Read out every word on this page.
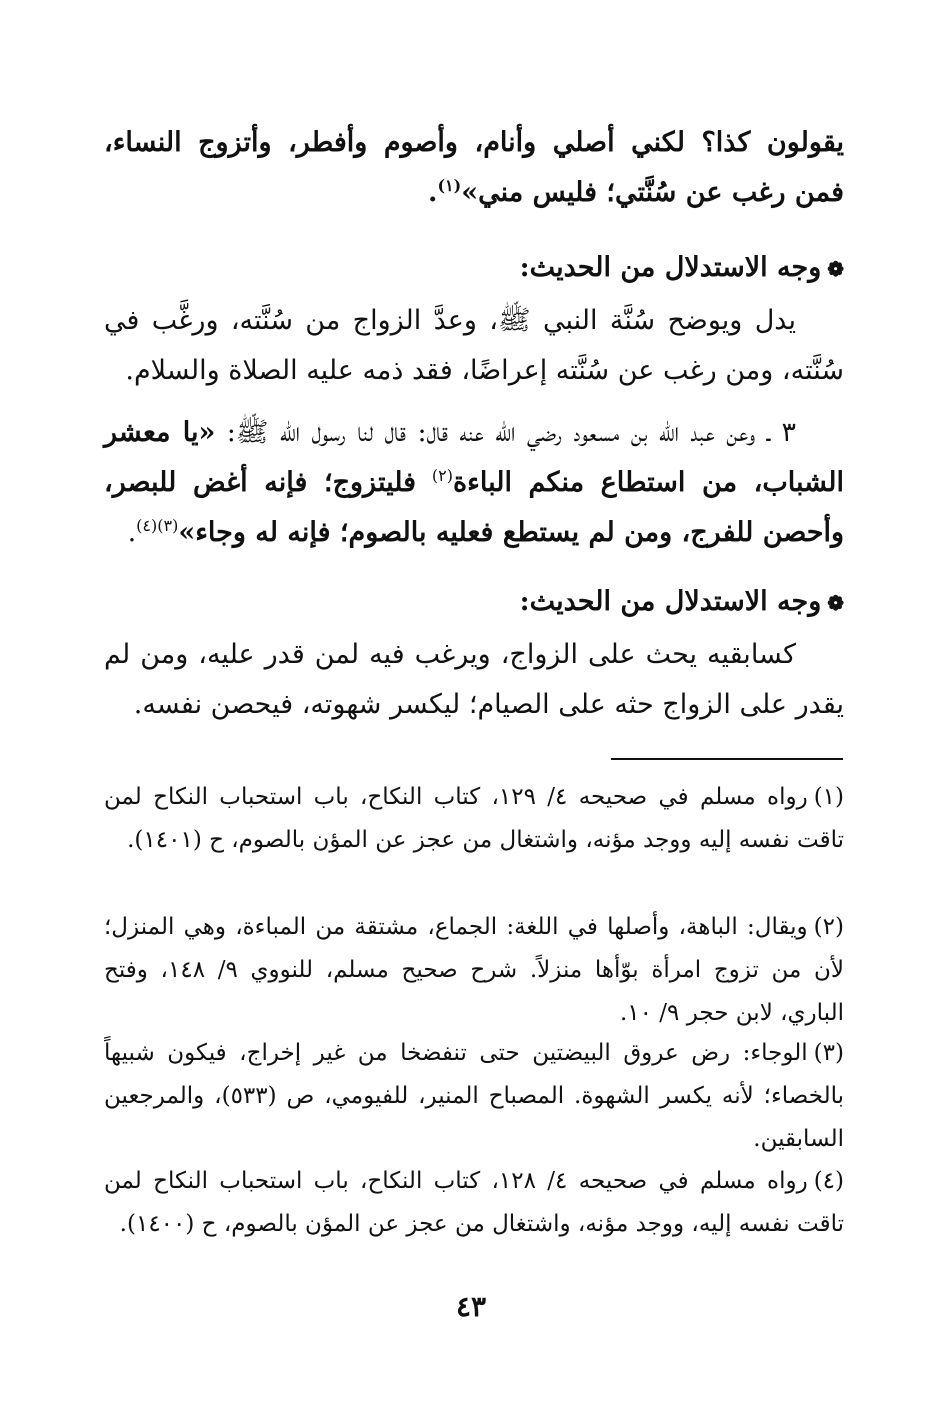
يقولون كذا؟ لكني أصلي وأنام، وأصوم وأفطر، وأتزوج النساء، فمن رغب عن سُنَّتي؛ فليس مني»$^{(١)}$.

❁وجه الاستدلال من الحديث:

يدل ويوضح سُنَّة النبي ﷺ، وعدَّ الزواج من سُنَّته، ورغَّب في سُنَّته، ومن رغب عن سُنَّته إعراضًا، فقد ذمه عليه الصلاة والسلام.

٣ ـ وعن عبد الله بن مسعود رضي الله عنه قال: قال لنا رسول الله ﷺ: «يا معشر الشباب، من استطاع منكم الباءة$^{(٢)}$ فليتزوج؛ فإنه أغض للبصر، وأحصن للفرج، ومن لم يستطع فعليه بالصوم؛ فإنه له وجاء»$^{(٣)(٤)}$.

❁وجه الاستدلال من الحديث:

كسابقيه يحث على الزواج، ويرغب فيه لمن قدر عليه، ومن لم يقدر على الزواج حثه على الصيام؛ ليكسر شهوته، فيحصن نفسه.

(١)رواه مسلم في صحيحه ٤/ ١٢٩، كتاب النكاح، باب استحباب النكاح لمن تاقت نفسه إليه ووجد مؤنه، واشتغال من عجز عن المؤن بالصوم، ح (١٤٠١).

(٢)ويقال: الباهة، وأصلها في اللغة: الجماع، مشتقة من المباءة، وهي المنزل؛ لأن من تزوج امرأة بوّأها منزلاً. شرح صحيح مسلم، للنووي ٩/ ١٤٨، وفتح الباري، لابن حجر ٩/ ١٠.

(٣)الوجاء: رض عروق البيضتين حتى تنفضخا من غير إخراج، فيكون شبيهاً بالخصاء؛ لأنه يكسر الشهوة. المصباح المنير، للفيومي، ص (٥٣٣)، والمرجعين السابقين.

(٤)رواه مسلم في صحيحه ٤/ ١٢٨، كتاب النكاح، باب استحباب النكاح لمن تاقت نفسه إليه، ووجد مؤنه، واشتغال من عجز عن المؤن بالصوم، ح (١٤٠٠).

٤٣
